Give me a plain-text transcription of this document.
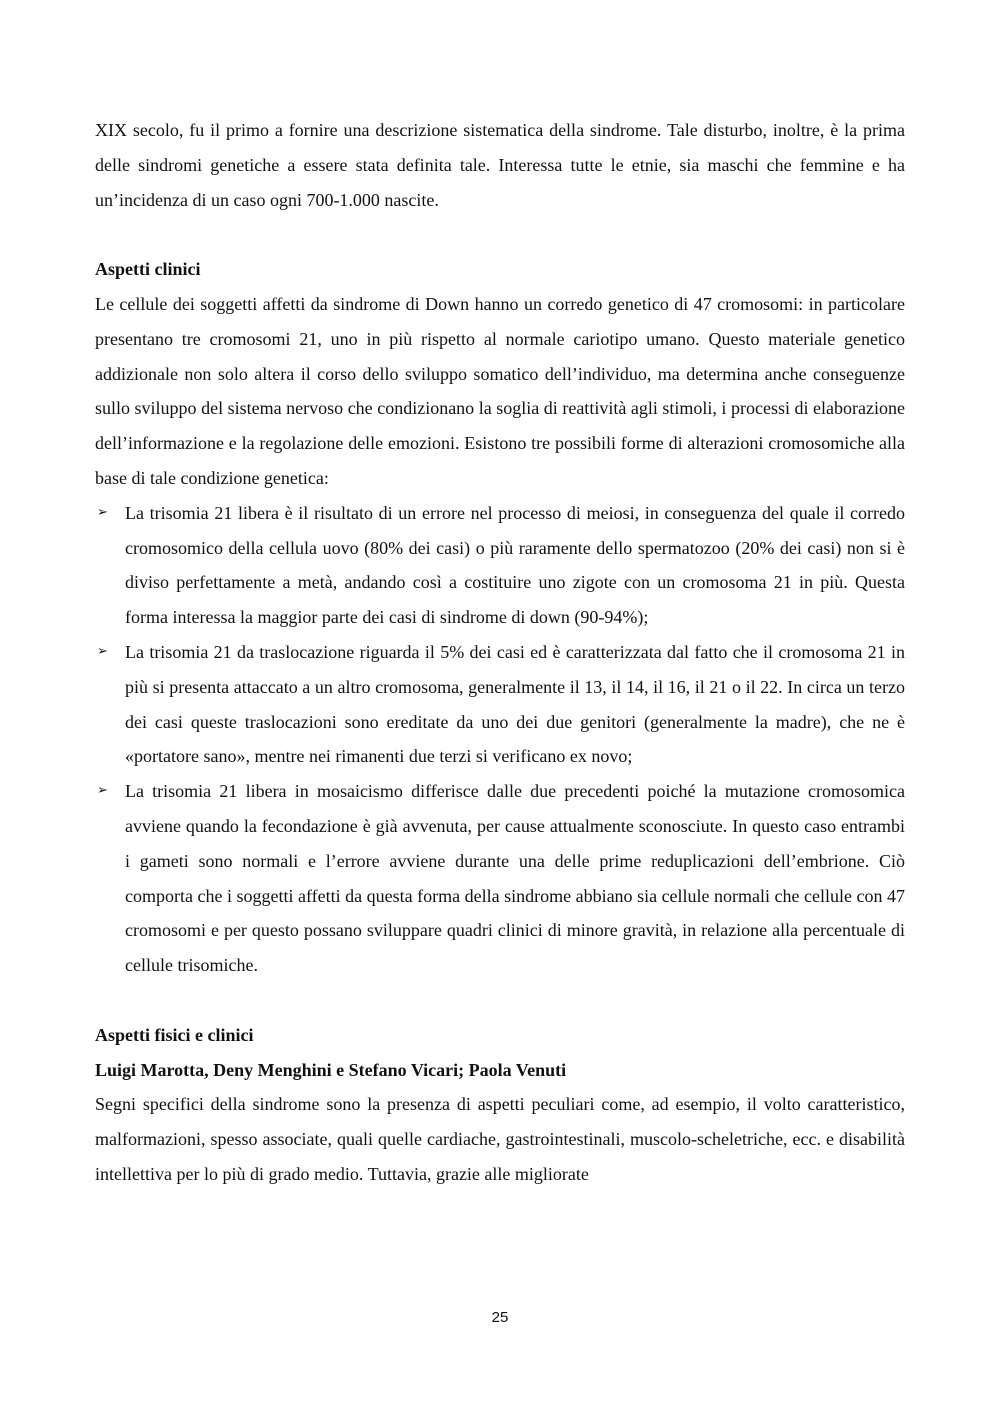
XIX secolo, fu il primo a fornire una descrizione sistematica della sindrome. Tale disturbo, inoltre, è la prima delle sindromi genetiche a essere stata definita tale. Interessa tutte le etnie, sia maschi che femmine e ha un’incidenza di un caso ogni 700-1.000 nascite.

Aspetti clinici

Le cellule dei soggetti affetti da sindrome di Down hanno un corredo genetico di 47 cromosomi: in particolare presentano tre cromosomi 21, uno in più rispetto al normale cariotipo umano. Questo materiale genetico addizionale non solo altera il corso dello sviluppo somatico dell’individuo, ma determina anche conseguenze sullo sviluppo del sistema nervoso che condizionano la soglia di reattività agli stimoli, i processi di elaborazione dell’informazione e la regolazione delle emozioni. Esistono tre possibili forme di alterazioni cromosomiche alla base di tale condizione genetica:

➢ La trisomia 21 libera è il risultato di un errore nel processo di meiosi, in conseguenza del quale il corredo cromosomico della cellula uovo (80% dei casi) o più raramente dello spermatozoo (20% dei casi) non si è diviso perfettamente a metà, andando così a costituire uno zigote con un cromosoma 21 in più. Questa forma interessa la maggior parte dei casi di sindrome di down (90-94%);
➢ La trisomia 21 da traslocazione riguarda il 5% dei casi ed è caratterizzata dal fatto che il cromosoma 21 in più si presenta attaccato a un altro cromosoma, generalmente il 13, il 14, il 16, il 21 o il 22. In circa un terzo dei casi queste traslocazioni sono ereditate da uno dei due genitori (generalmente la madre), che ne è «portatore sano», mentre nei rimanenti due terzi si verificano ex novo;
➢ La trisomia 21 libera in mosaicismo differisce dalle due precedenti poiché la mutazione cromosomica avviene quando la fecondazione è già avvenuta, per cause attualmente sconosciute. In questo caso entrambi i gameti sono normali e l’errore avviene durante una delle prime reduplicazioni dell’embrione. Ciò comporta che i soggetti affetti da questa forma della sindrome abbiano sia cellule normali che cellule con 47 cromosomi e per questo possano sviluppare quadri clinici di minore gravità, in relazione alla percentuale di cellule trisomiche.
Aspetti fisici e clinici
Luigi Marotta, Deny Menghini e Stefano Vicari; Paola Venuti

Segni specifici della sindrome sono la presenza di aspetti peculiari come, ad esempio, il volto caratteristico, malformazioni, spesso associate, quali quelle cardiache, gastrointestinali, muscolo-scheletriche, ecc. e disabilità intellettiva per lo più di grado medio. Tuttavia, grazie alle migliorate

25
